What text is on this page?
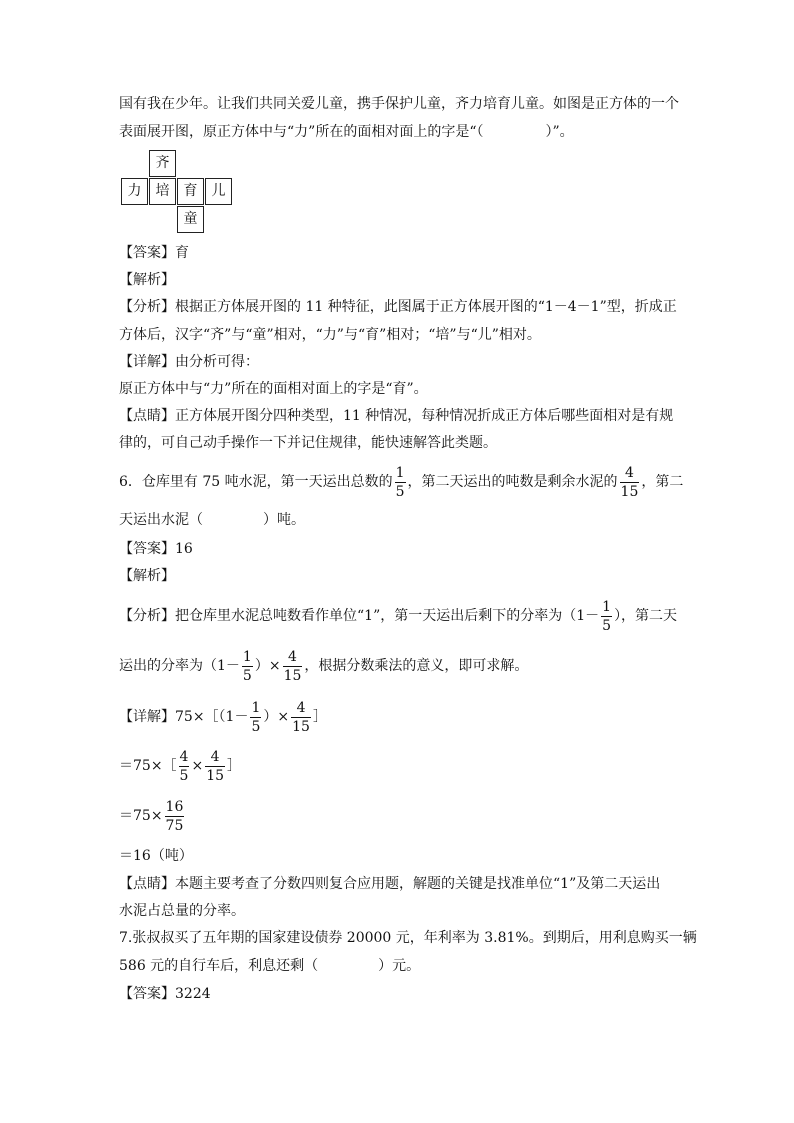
国有我在少年。让我们共同关爱儿童，携手保护儿童，齐力培育儿童。如图是正方体的一个
表面展开图，原正方体中与“力”所在的面相对面上的字是“（	）”。
齐
力	培	育	儿
童
【答案】育
【解析】
【分析】根据正方体展开图的 11 种特征，此图属于正方体展开图的“1－4－1”型，折成正
方体后，汉字“齐”与“童”相对，“力”与“育”相对；“培”与“儿”相对。
【详解】由分析可得：
原正方体中与“力”所在的面相对面上的字是“育”。
【点睛】正方体展开图分四种类型，11 种情况，每种情况折成正方体后哪些面相对是有规
律的，可自己动手操作一下并记住规律，能快速解答此类题。
6．仓库里有 75 吨水泥，第一天运出总数的 $\frac{1}{5}$ ，第二天运出的吨数是剩余水泥的 $\frac{4}{15}$ ，第二
天运出水泥（	）吨。
【答案】16
【解析】
【分析】把仓库里水泥总吨数看作单位“1”，第一天运出后剩下的分率为（$1- \frac{1}{5}$ ），第二天
运出的分率为（$1- \frac{1}{5}$ ）× $\frac{4}{15}$ ，根据分数乘法的意义，即可求解。
【详解】75×［（1－ $\frac{1}{5}$ ）× $\frac{4}{15}$ ］
＝75×［ $\frac{4}{5} \times \frac{4}{15}$ ］
$=75\times \frac{16}{75}$
＝16（吨）
【点睛】本题主要考查了分数四则复合应用题，解题的关键是找准单位“1”及第二天运出
水泥占总量的分率。
7.张叔叔买了五年期的国家建设债券 20000 元，年利率为 3.81%。到期后，用利息购买一辆
586 元的自行车后，利息还剩（	）元。
【答案】3224
